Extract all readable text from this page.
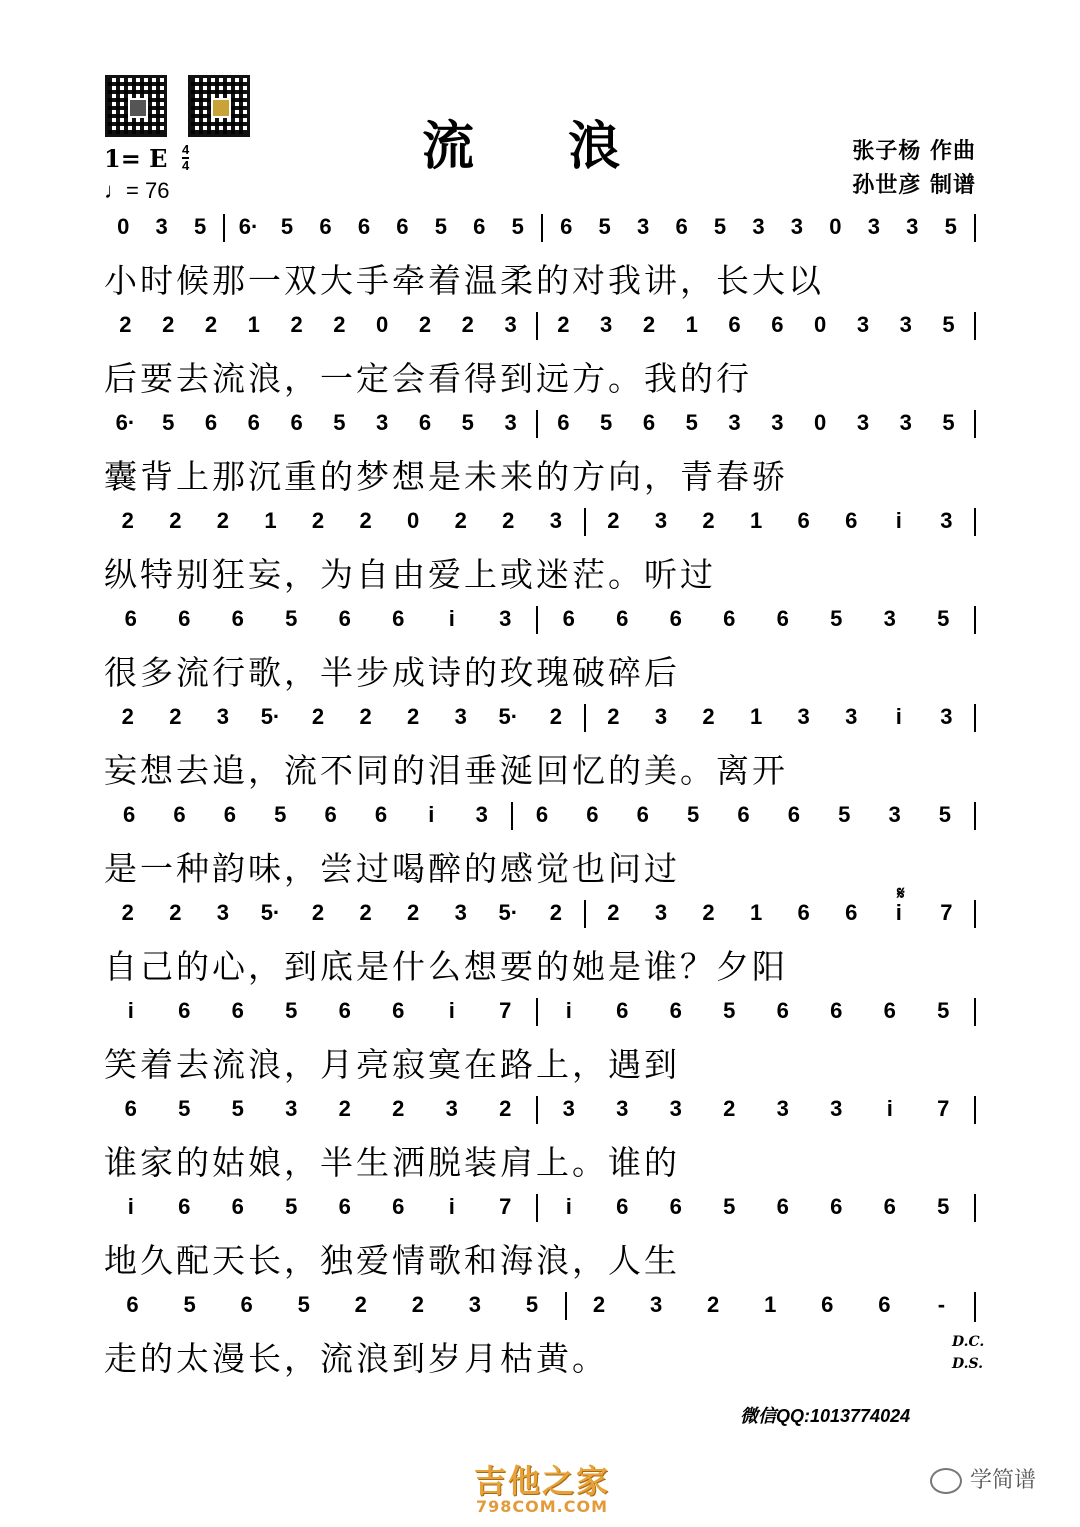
流 浪
1= E $\frac{4}{4}$
♩= 76
张子杨 作曲
孙世彦 制谱
0	3	5	6·	5	6	6	6	5	6	5	6	5	3	6	5	3	3	0	3	3	5
小时候那一双大手牵着温柔的对我讲，长大以
2	2	2	1	2	2	0	2	2	3	2	3	2	1	6	6	0	3	3	5
后要去流浪，一定会看得到远方。我的行
6·	5	6	6	6	5	3	6	5	3	6	5	6	5	3	3	0	3	3	5
囊背上那沉重的梦想是未来的方向，青春骄
2	2	2	1	2	2	0	2	2	3	2	3	2	1	6	6	i	3
纵特别狂妄，为自由爱上或迷茫。听过
6	6	6	5	6	6	i	3	6	6	6	6	6	5	3	5
很多流行歌，半步成诗的玫瑰破碎后
2	2	3	5·	2	2	2	3	5·	2	2	3	2	1	3	3	i	3
妄想去追，流不同的泪垂涎回忆的美。离开
6	6	6	5	6	6	i	3	6	6	6	5	6	6	5	3	5
是一种韵味，尝过喝醉的感觉也问过
2	2	3	5·	2	2	2	3	5·	2	2	3	2	1	6	6	i	7
自己的心，到底是什么想要的她是谁？夕阳
i	6	6	5	6	6	i	7	i	6	6	5	6	6	6	5
笑着去流浪，月亮寂寞在路上，遇到
6	5	5	3	2	2	3	2	3	3	3	2	3	3	i	7
谁家的姑娘，半生洒脱装肩上。谁的
i	6	6	5	6	6	i	7	i	6	6	5	6	6	6	5
地久配天长，独爱情歌和海浪，人生
6	5	6	5	2	2	3	5	2	3	2	1	6	6	-
走的太漫长，流浪到岁月枯黄。
𝄋
D.C.
D.S.
微信QQ:1013774024
吉他之家
798COM.COM
学简谱
